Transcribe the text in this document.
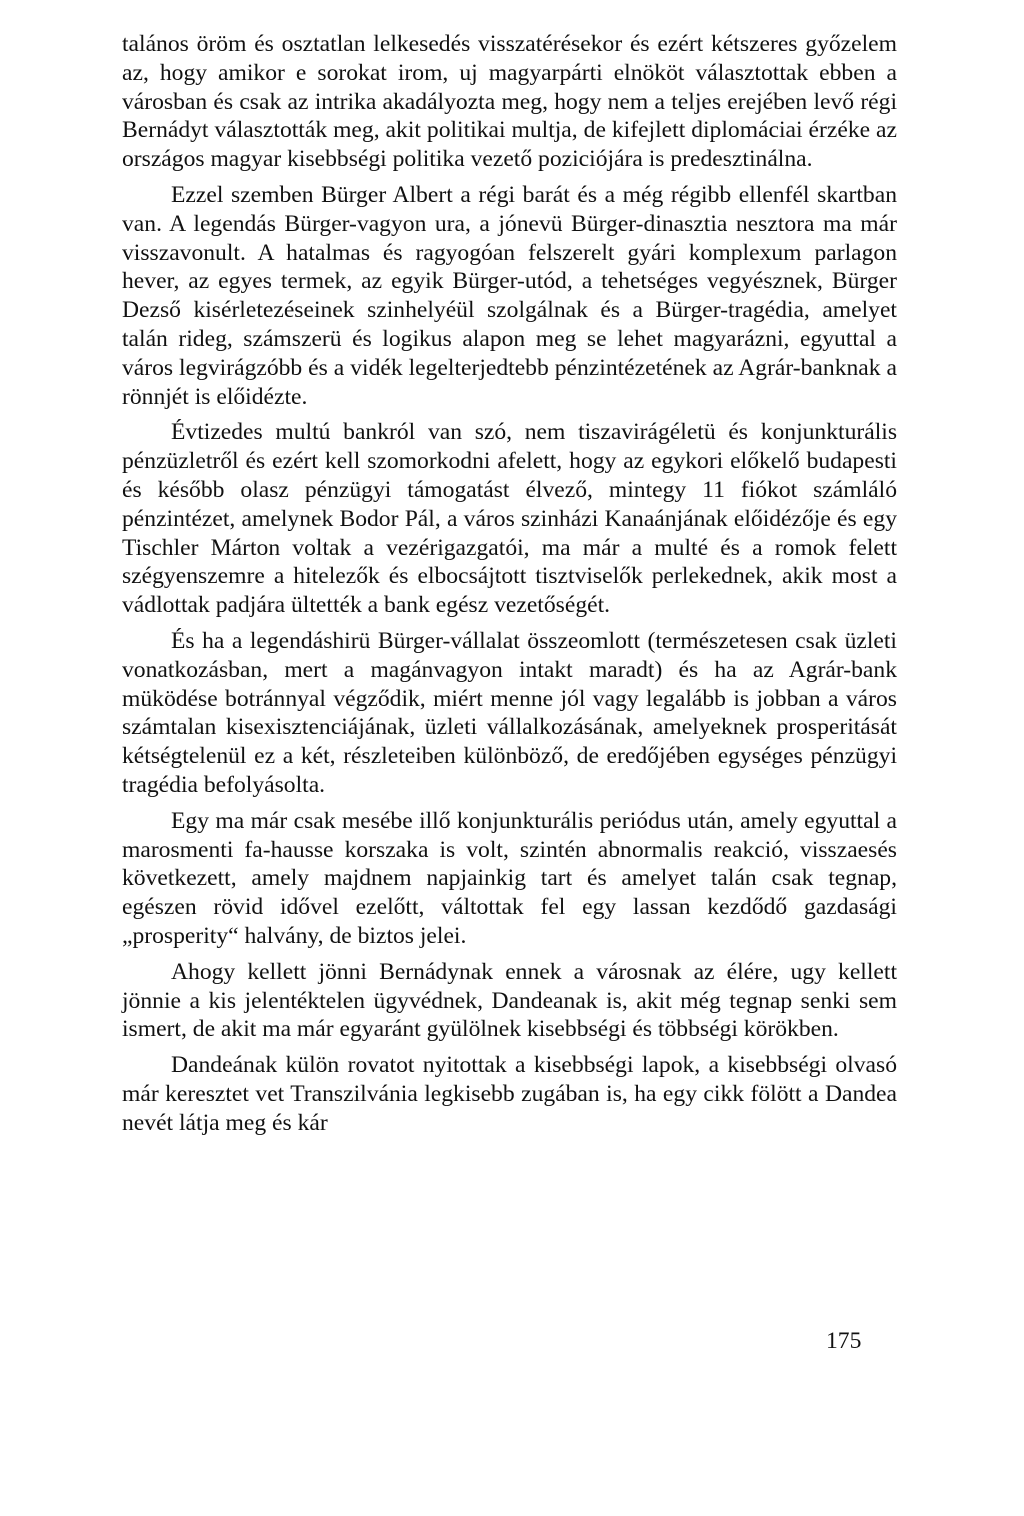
talános öröm és osztatlan lelkesedés visszatérésekor és ezért kétszeres győzelem az, hogy amikor e sorokat irom, uj magyarpárti elnököt választottak ebben a városban és csak az intrika akadályozta meg, hogy nem a teljes erejében levő régi Bernádyt választották meg, akit politikai multja, de kifejlett diplomáciai érzéke az országos magyar kisebbségi politika vezető poziciójára is predesztinálna.

Ezzel szemben Bürger Albert a régi barát és a még régibb ellenfél skartban van. A legendás Bürger-vagyon ura, a jónevü Bürger-dinasztia nesztora ma már visszavonult. A hatalmas és ragyogóan felszerelt gyári komplexum parlagon hever, az egyes termek, az egyik Bürger-utód, a tehetséges vegyésznek, Bürger Dezső kisérletezéseinek szinhelyéül szolgálnak és a Bürger-tragédia, amelyet talán rideg, számszerü és logikus alapon meg se lehet magyarázni, egyuttal a város legvirágzóbb és a vidék legelterjedtebb pénzintézetének az Agrár-banknak a rönnjét is előidézte.

Évtizedes multú bankról van szó, nem tiszavirágéletü és konjunkturális pénzüzletről és ezért kell szomorkodni afelett, hogy az egykori előkelő budapesti és később olasz pénzügyi támogatást élvező, mintegy 11 fiókot számláló pénzintézet, amelynek Bodor Pál, a város szinházi Kanaánjának előidézője és egy Tischler Márton voltak a vezérigazgatói, ma már a multé és a romok felett szégyenszemre a hitelezők és elbocsájtott tisztviselők perlekednek, akik most a vádlottak padjára ültették a bank egész vezetőségét.

És ha a legendáshirü Bürger-vállalat összeomlott (természetesen csak üzleti vonatkozásban, mert a magánvagyon intakt maradt) és ha az Agrár-bank müködése botránnyal végződik, miért menne jól vagy legalább is jobban a város számtalan kisexisztenciájának, üzleti vállalkozásának, amelyeknek prosperitását kétségtelenül ez a két, részleteiben különböző, de eredőjében egységes pénzügyi tragédia befolyásolta.

Egy ma már csak mesébe illő konjunkturális periódus után, amely egyuttal a marosmenti fa-hausse korszaka is volt, szintén abnormalis reakció, visszaesés következett, amely majdnem napjainkig tart és amelyet talán csak tegnap, egészen rövid idővel ezelőtt, váltottak fel egy lassan kezdődő gazdasági „prosperity“ halvány, de biztos jelei.

Ahogy kellett jönni Bernádynak ennek a városnak az élére, ugy kellett jönnie a kis jelentéktelen ügyvédnek, Dandeanak is, akit még tegnap senki sem ismert, de akit ma már egyaránt gyülölnek kisebbségi és többségi körökben.

Dandeának külön rovatot nyitottak a kisebbségi lapok, a kisebbségi olvasó már keresztet vet Transzilvánia legkisebb zugában is, ha egy cikk fölött a Dandea nevét látja meg és kár

175
